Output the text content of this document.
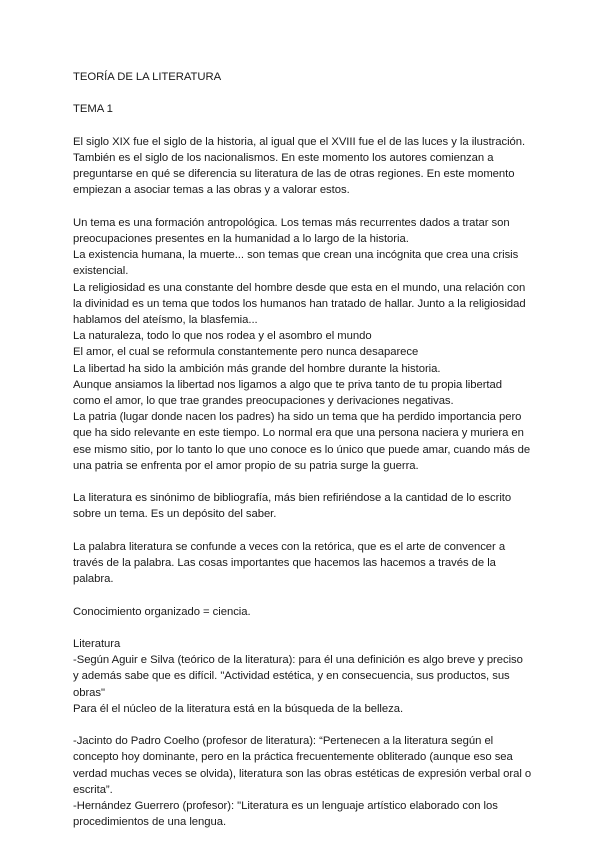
TEORÍA DE LA LITERATURA
TEMA 1
El siglo XIX fue el siglo de la historia, al igual que el XVIII fue el de las luces y la ilustración.
También es el siglo de los nacionalismos. En este momento los autores comienzan a
preguntarse en qué se diferencia su literatura de las de otras regiones. En este momento
empiezan a asociar temas a las obras y a valorar estos.
Un tema es una formación antropológica. Los temas más recurrentes dados a tratar son
preocupaciones presentes en la humanidad a lo largo de la historia.
La existencia humana, la muerte... son temas que crean una incógnita que crea una crisis
existencial.
La religiosidad es una constante del hombre desde que esta en el mundo, una relación con
la divinidad es un tema que todos los humanos han tratado de hallar. Junto a la religiosidad
hablamos del ateísmo, la blasfemia...
La naturaleza, todo lo que nos rodea y el asombro el mundo
El amor, el cual se reformula constantemente pero nunca desaparece
La libertad ha sido la ambición más grande del hombre durante la historia.
Aunque ansiamos la libertad nos ligamos a algo que te priva tanto de tu propia libertad
como el amor, lo que trae grandes preocupaciones y derivaciones negativas.
La patria (lugar donde nacen los padres) ha sido un tema que ha perdido importancia pero
que ha sido relevante en este tiempo. Lo normal era que una persona naciera y muriera en
ese mismo sitio, por lo tanto lo que uno conoce es lo único que puede amar, cuando más de
una patria se enfrenta por el amor propio de su patria surge la guerra.
La literatura es sinónimo de bibliografía, más bien refiriéndose a la cantidad de lo escrito
sobre un tema. Es un depósito del saber.
La palabra literatura se confunde a veces con la retórica, que es el arte de convencer a
través de la palabra. Las cosas importantes que hacemos las hacemos a través de la
palabra.
Conocimiento organizado = ciencia.
Literatura
-Según Aguir e Silva (teórico de la literatura): para él una definición es algo breve y preciso
y además sabe que es difícil. "Actividad estética, y en consecuencia, sus productos, sus
obras"
Para él el núcleo de la literatura está en la búsqueda de la belleza.
-Jacinto do Padro Coelho (profesor de literatura): “Pertenecen a la literatura según el
concepto hoy dominante, pero en la práctica frecuentemente obliterado (aunque eso sea
verdad muchas veces se olvida), literatura son las obras estéticas de expresión verbal oral o
escrita”.
-Hernández Guerrero (profesor): "Literatura es un lenguaje artístico elaborado con los
procedimientos de una lengua.
